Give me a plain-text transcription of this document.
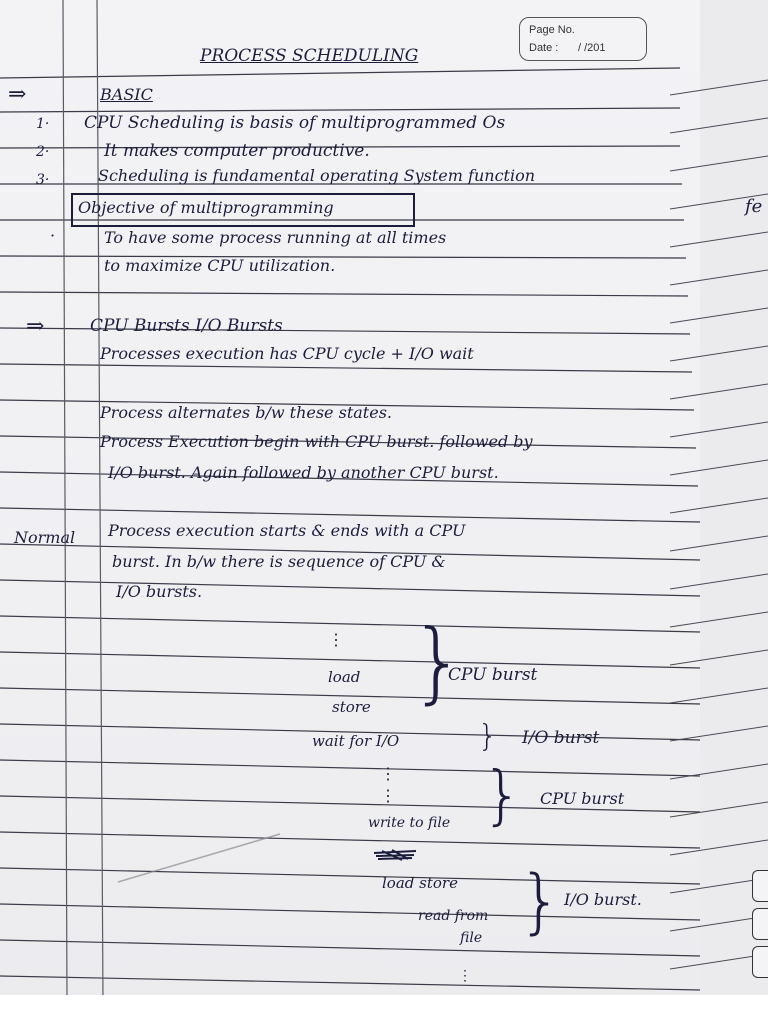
fe
Page No.
Date : / /201
PROCESS SCHEDULING
⇒	BASIC
1· CPU Scheduling is basis of multiprogrammed Os
2·	It makes computer productive.
3·	Scheduling is fundamental operating System function
Objective of multiprogramming
·	To have some process running at all times
to maximize CPU utilization.
⇒	CPU Bursts I/O Bursts
Processes execution has CPU cycle + I/O wait
Process alternates b/w these states.
Process Execution begin with CPU burst. followed by
I/O burst. Again followed by another CPU burst.
Normal Process execution starts & ends with a CPU
burst. In b/w there is sequence of CPU &
I/O bursts.
⋮
load
store }
CPU burst
wait for I/O	} I/O burst
⋮
⋮
write to file } CPU burst
load store
read from
file } I/O burst.
⋮
